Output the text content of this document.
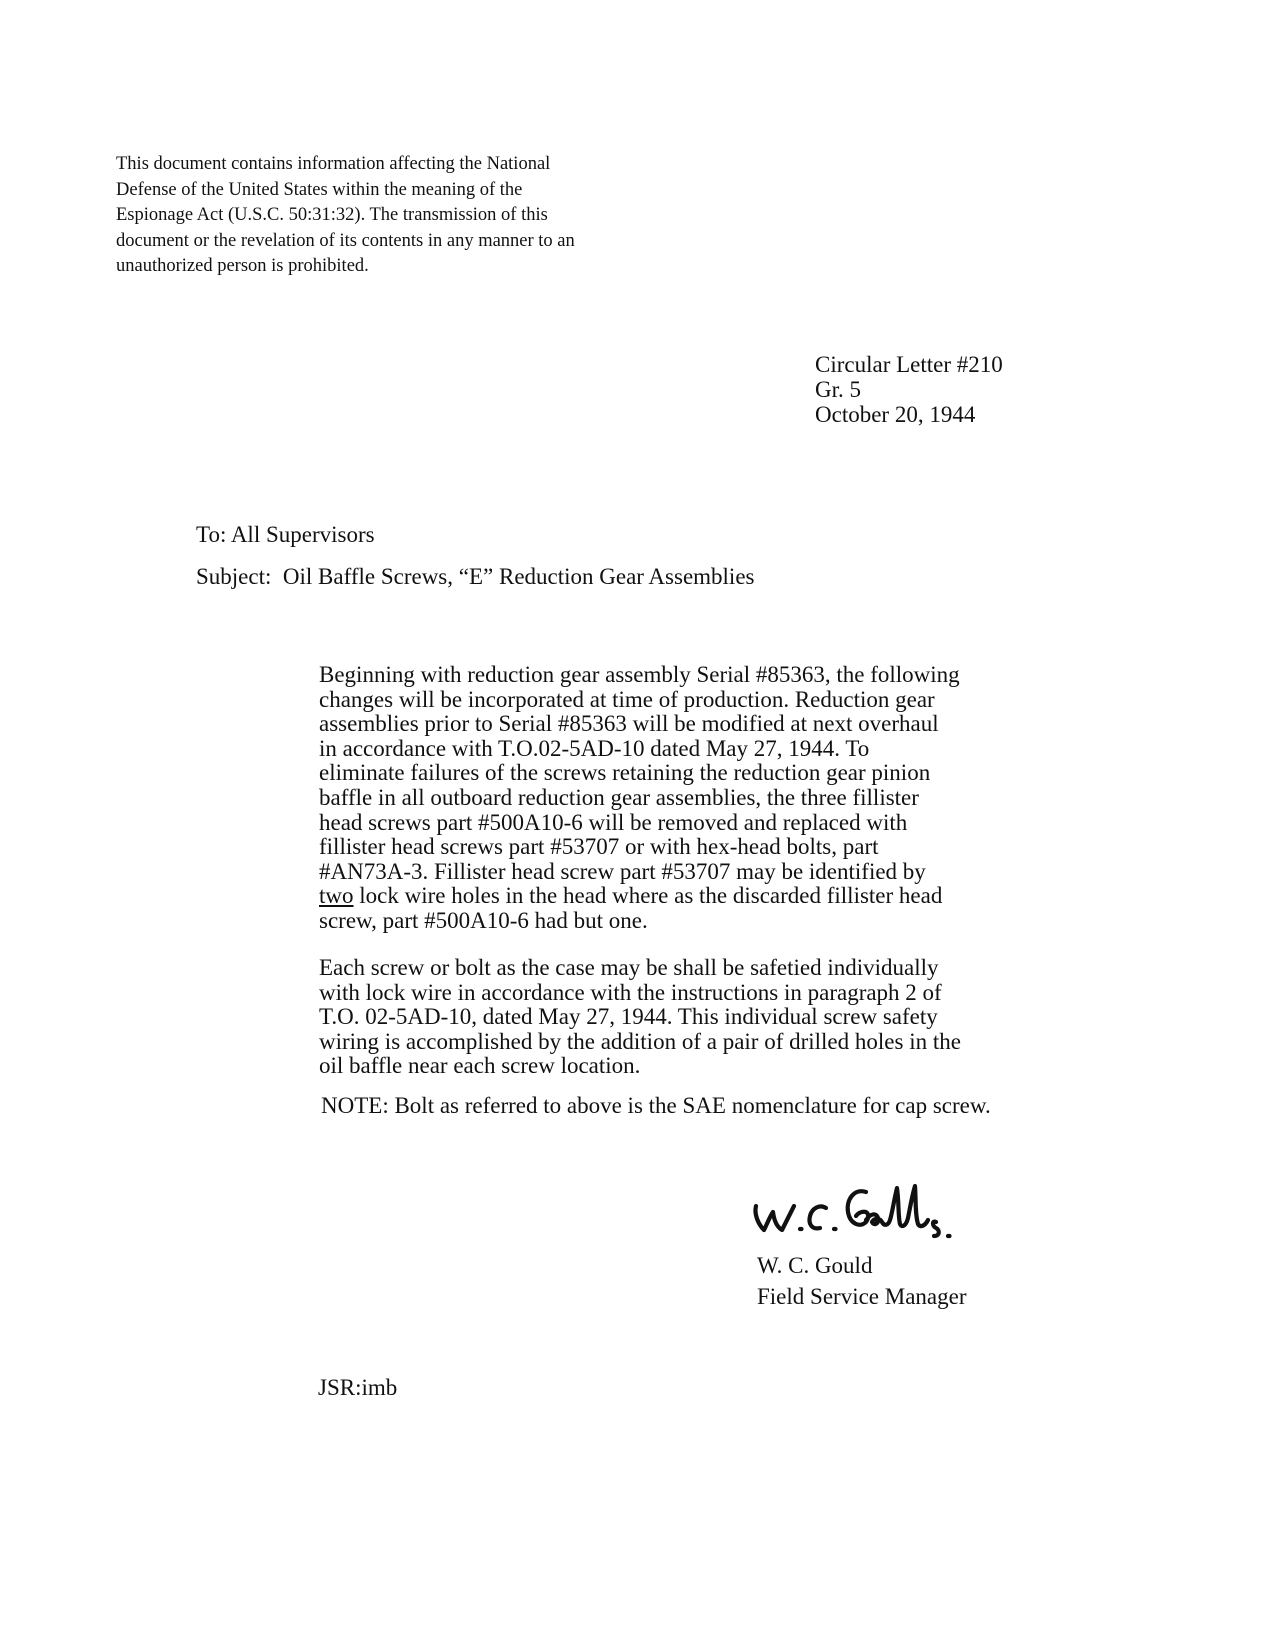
This document contains information affecting the National
Defense of the United States within the meaning of the
Espionage Act (U.S.C. 50:31:32). The transmission of this
document or the revelation of its contents in any manner to an
unauthorized person is prohibited.
Circular Letter #210
Gr. 5
October 20, 1944
To: All Supervisors
Subject: Oil Baffle Screws, “E” Reduction Gear Assemblies
Beginning with reduction gear assembly Serial #85363, the following
changes will be incorporated at time of production. Reduction gear
assemblies prior to Serial #85363 will be modified at next overhaul
in accordance with T.O.02-5AD-10 dated May 27, 1944. To
eliminate failures of the screws retaining the reduction gear pinion
baffle in all outboard reduction gear assemblies, the three fillister
head screws part #500A10-6 will be removed and replaced with
fillister head screws part #53707 or with hex-head bolts, part
#AN73A-3. Fillister head screw part #53707 may be identified by
two lock wire holes in the head where as the discarded fillister head
screw, part #500A10-6 had but one.
Each screw or bolt as the case may be shall be safetied individually
with lock wire in accordance with the instructions in paragraph 2 of
T.O. 02-5AD-10, dated May 27, 1944. This individual screw safety
wiring is accomplished by the addition of a pair of drilled holes in the
oil baffle near each screw location.
NOTE: Bolt as referred to above is the SAE nomenclature for cap screw.
W. C. Gould
Field Service Manager
JSR:imb
